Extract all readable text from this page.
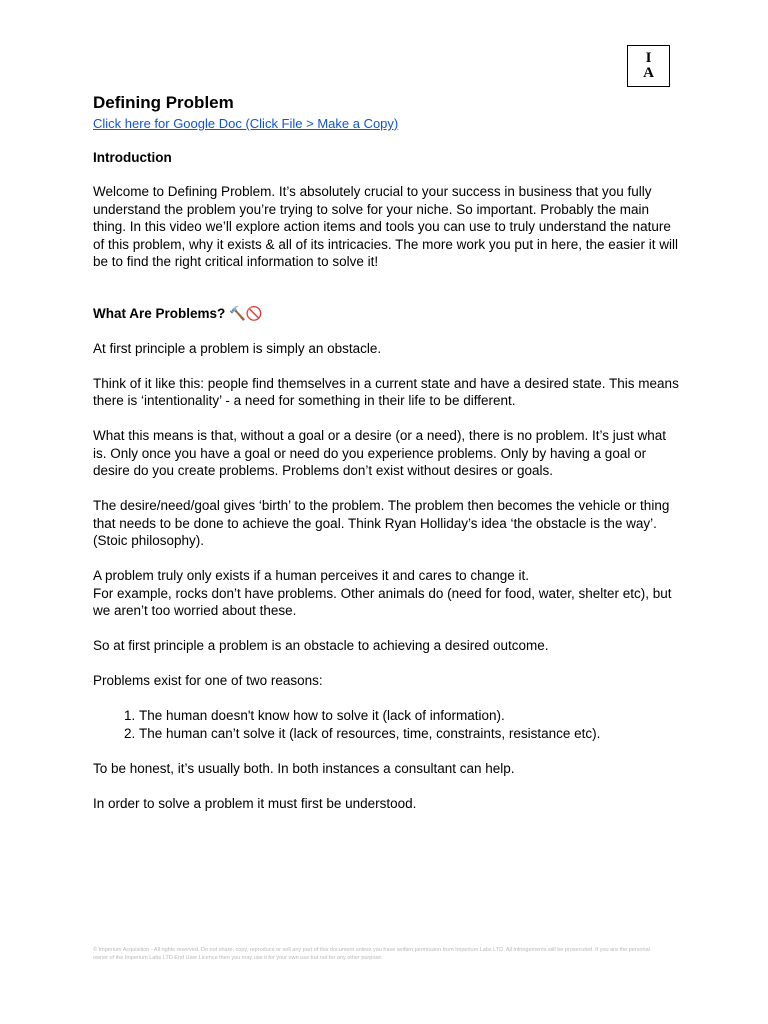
I
A
Defining Problem
Click here for Google Doc (Click File > Make a Copy)
Introduction

Welcome to Defining Problem. It’s absolutely crucial to your success in business that you fully understand the problem you’re trying to solve for your niche. So important. Probably the main thing. In this video we’ll explore action items and tools you can use to truly understand the nature of this problem, why it exists & all of its intricacies. The more work you put in here, the easier it will be to find the right critical information to solve it!

What Are Problems? 🔨🚫

At first principle a problem is simply an obstacle.

Think of it like this: people find themselves in a current state and have a desired state. This means there is ‘intentionality’ - a need for something in their life to be different.

What this means is that, without a goal or a desire (or a need), there is no problem. It’s just what is. Only once you have a goal or need do you experience problems. Only by having a goal or desire do you create problems. Problems don’t exist without desires or goals.

The desire/need/goal gives ‘birth’ to the problem. The problem then becomes the vehicle or thing that needs to be done to achieve the goal. Think Ryan Holliday’s idea ‘the obstacle is the way’. (Stoic philosophy).

A problem truly only exists if a human perceives it and cares to change it.

For example, rocks don’t have problems. Other animals do (need for food, water, shelter etc), but we aren’t too worried about these.

So at first principle a problem is an obstacle to achieving a desired outcome.

Problems exist for one of two reasons:

1. The human doesn't know how to solve it (lack of information).
2. The human can’t solve it (lack of resources, time, constraints, resistance etc).

To be honest, it’s usually both. In both instances a consultant can help.

In order to solve a problem it must first be understood.

© Imperium Acquisition - All rights reserved. Do not share, copy, reproduce or sell any part of this document unless you have written permission from Imperium Labs LTD. All infringements will be prosecuted. If you are the personal owner of the Imperium Labs LTD End User Licence then you may use it for your own use but not for any other purpose.
